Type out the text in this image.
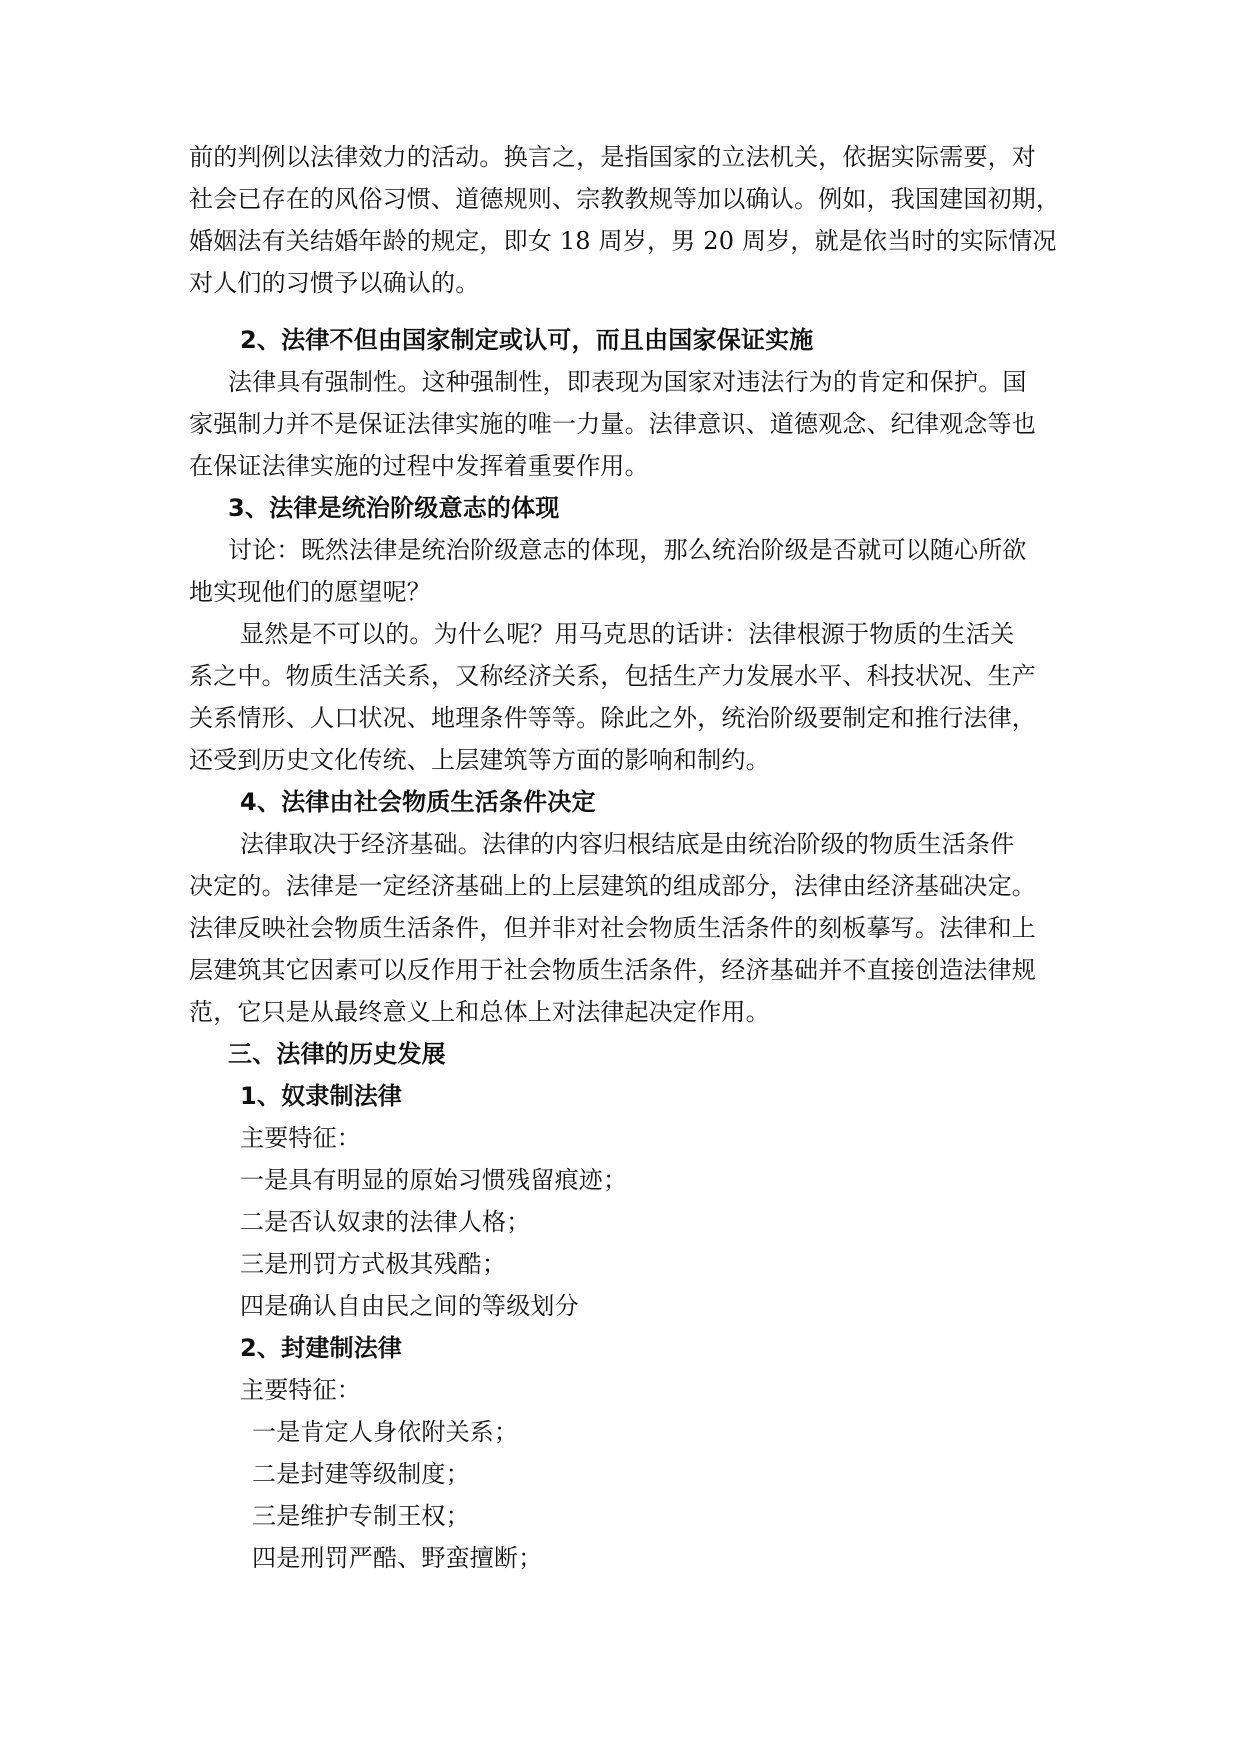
前的判例以法律效力的活动。换言之，是指国家的立法机关，依据实际需要，对
社会已存在的风俗习惯、道德规则、宗教教规等加以确认。例如，我国建国初期，
婚姻法有关结婚年龄的规定，即女 18 周岁，男 20 周岁，就是依当时的实际情况
对人们的习惯予以确认的。
2、法律不但由国家制定或认可，而且由国家保证实施
法律具有强制性。这种强制性，即表现为国家对违法行为的肯定和保护。国
家强制力并不是保证法律实施的唯一力量。法律意识、道德观念、纪律观念等也
在保证法律实施的过程中发挥着重要作用。
3、法律是统治阶级意志的体现
讨论：既然法律是统治阶级意志的体现，那么统治阶级是否就可以随心所欲
地实现他们的愿望呢？
显然是不可以的。为什么呢？用马克思的话讲：法律根源于物质的生活关
系之中。物质生活关系，又称经济关系，包括生产力发展水平、科技状况、生产
关系情形、人口状况、地理条件等等。除此之外，统治阶级要制定和推行法律，
还受到历史文化传统、上层建筑等方面的影响和制约。
4、法律由社会物质生活条件决定
法律取决于经济基础。法律的内容归根结底是由统治阶级的物质生活条件
决定的。法律是一定经济基础上的上层建筑的组成部分，法律由经济基础决定。
法律反映社会物质生活条件，但并非对社会物质生活条件的刻板摹写。法律和上
层建筑其它因素可以反作用于社会物质生活条件，经济基础并不直接创造法律规
范，它只是从最终意义上和总体上对法律起决定作用。
三、法律的历史发展
1、奴隶制法律
主要特征：
一是具有明显的原始习惯残留痕迹；
二是否认奴隶的法律人格；
三是刑罚方式极其残酷；
四是确认自由民之间的等级划分
2、封建制法律
主要特征：
一是肯定人身依附关系；
二是封建等级制度；
三是维护专制王权；
四是刑罚严酷、野蛮擅断；
